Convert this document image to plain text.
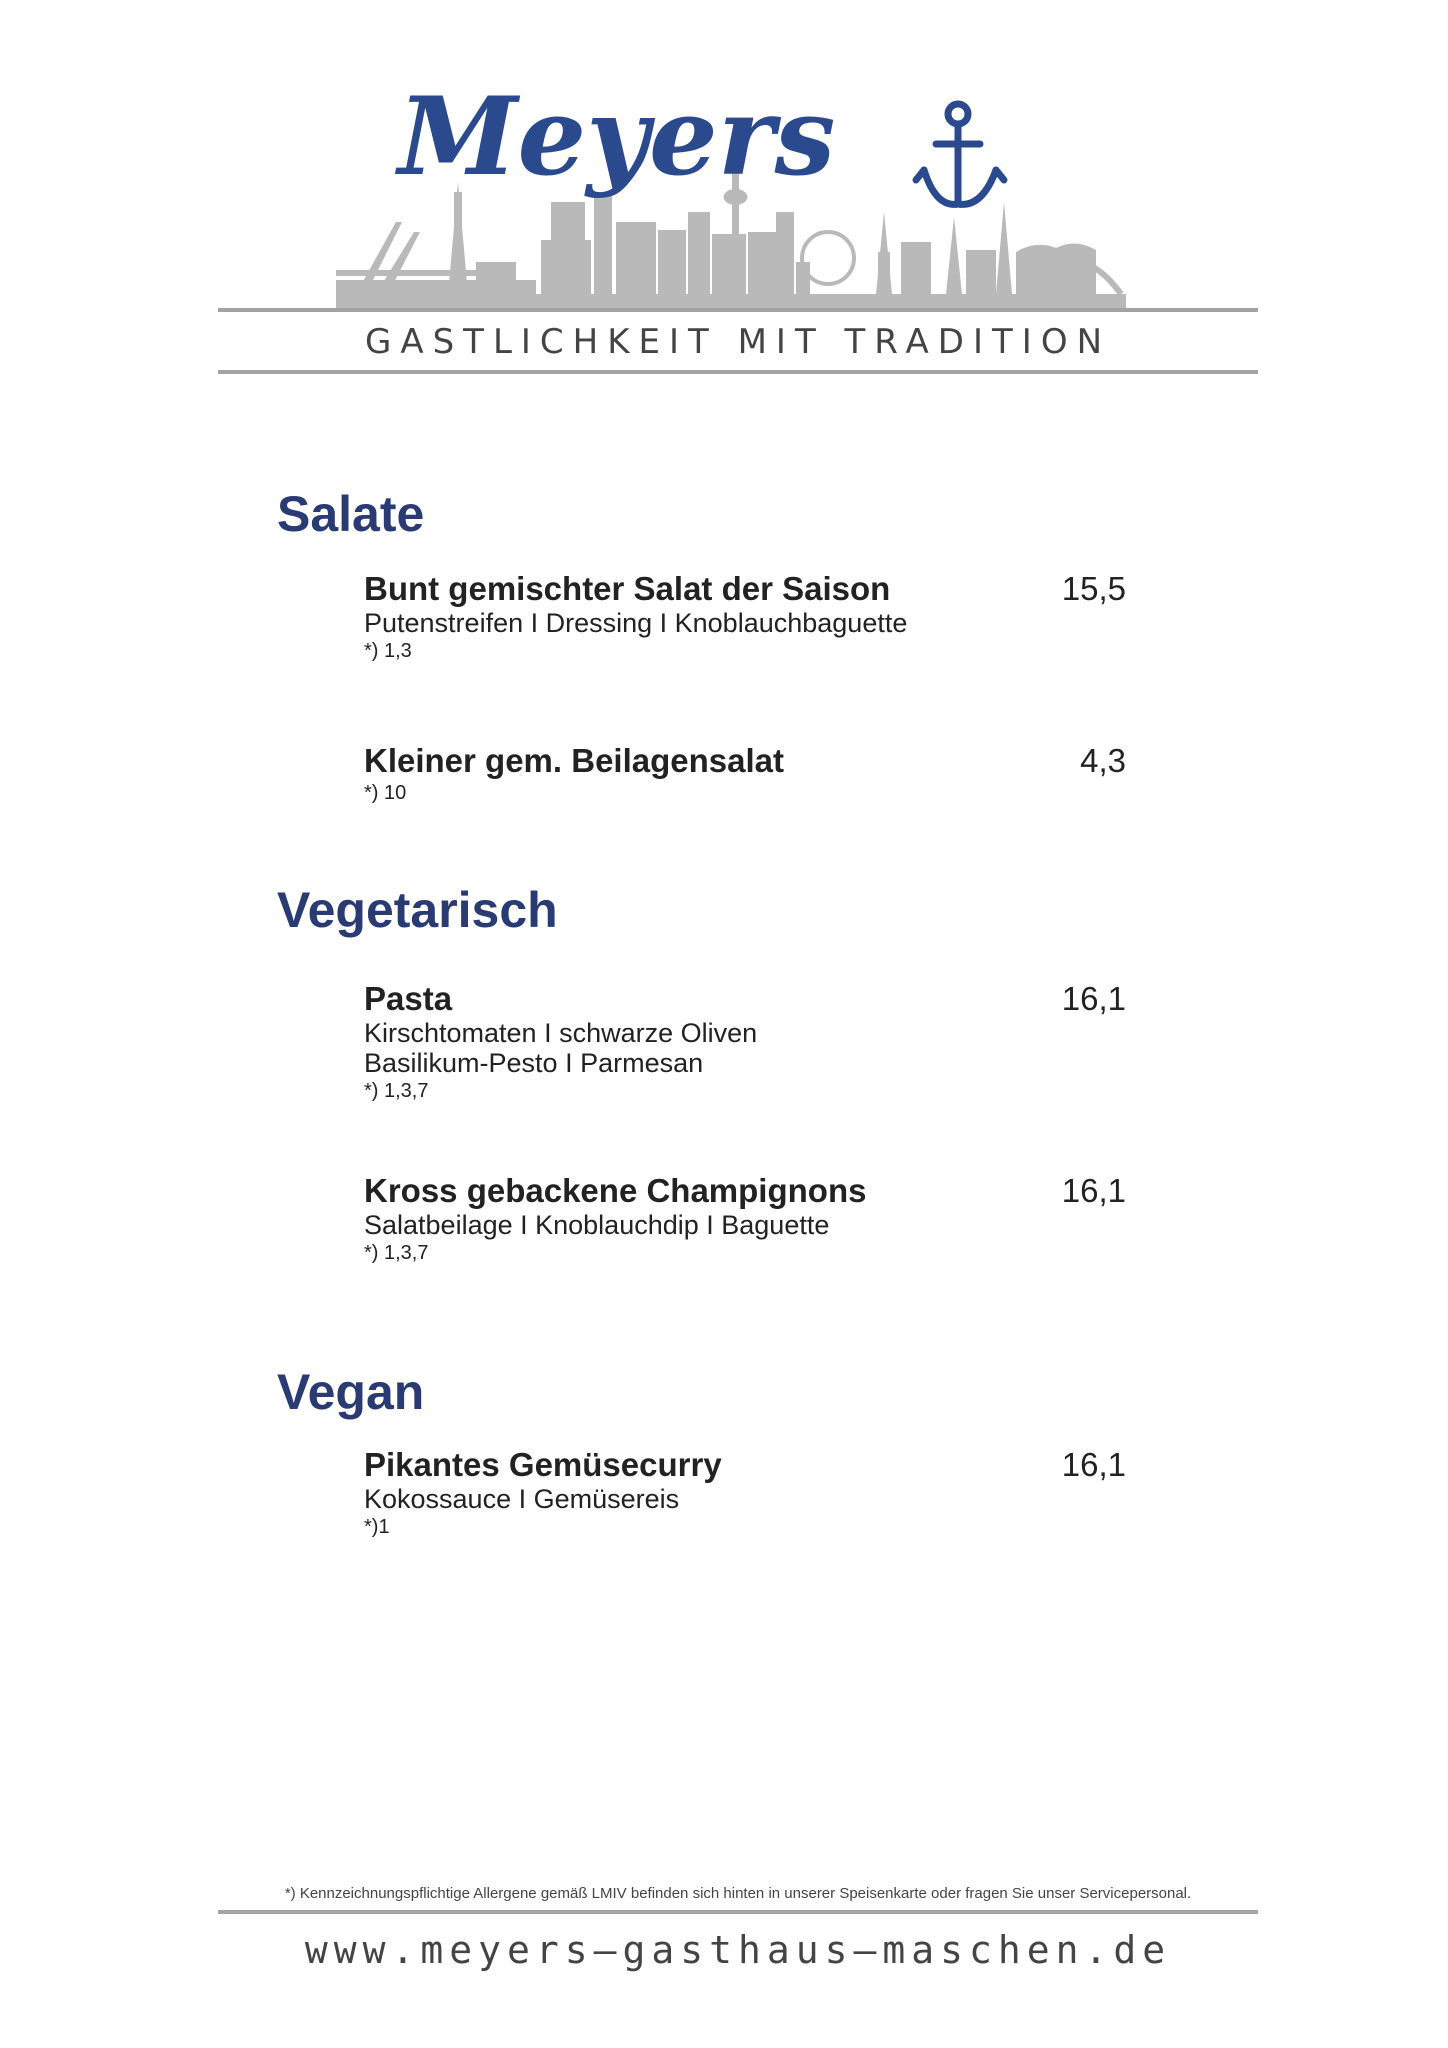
Meyers
GASTLICHKEIT MIT TRADITION
Salate
Bunt gemischter Salat der Saison	15,5
Putenstreifen I Dressing I Knoblauchbaguette
*) 1,3
Kleiner gem. Beilagensalat	4,3
*) 10
Vegetarisch
Pasta	16,1
Kirschtomaten I schwarze Oliven
Basilikum-Pesto I Parmesan
*) 1,3,7
Kross gebackene Champignons	16,1
Salatbeilage I Knoblauchdip I Baguette
*) 1,3,7
Vegan
Pikantes Gemüsecurry	16,1
Kokossauce I Gemüsereis
*)1
*) Kennzeichnungspflichtige Allergene gemäß LMIV befinden sich hinten in unserer Speisenkarte oder fragen Sie unser Servicepersonal.
www.meyers–gasthaus–maschen.de
